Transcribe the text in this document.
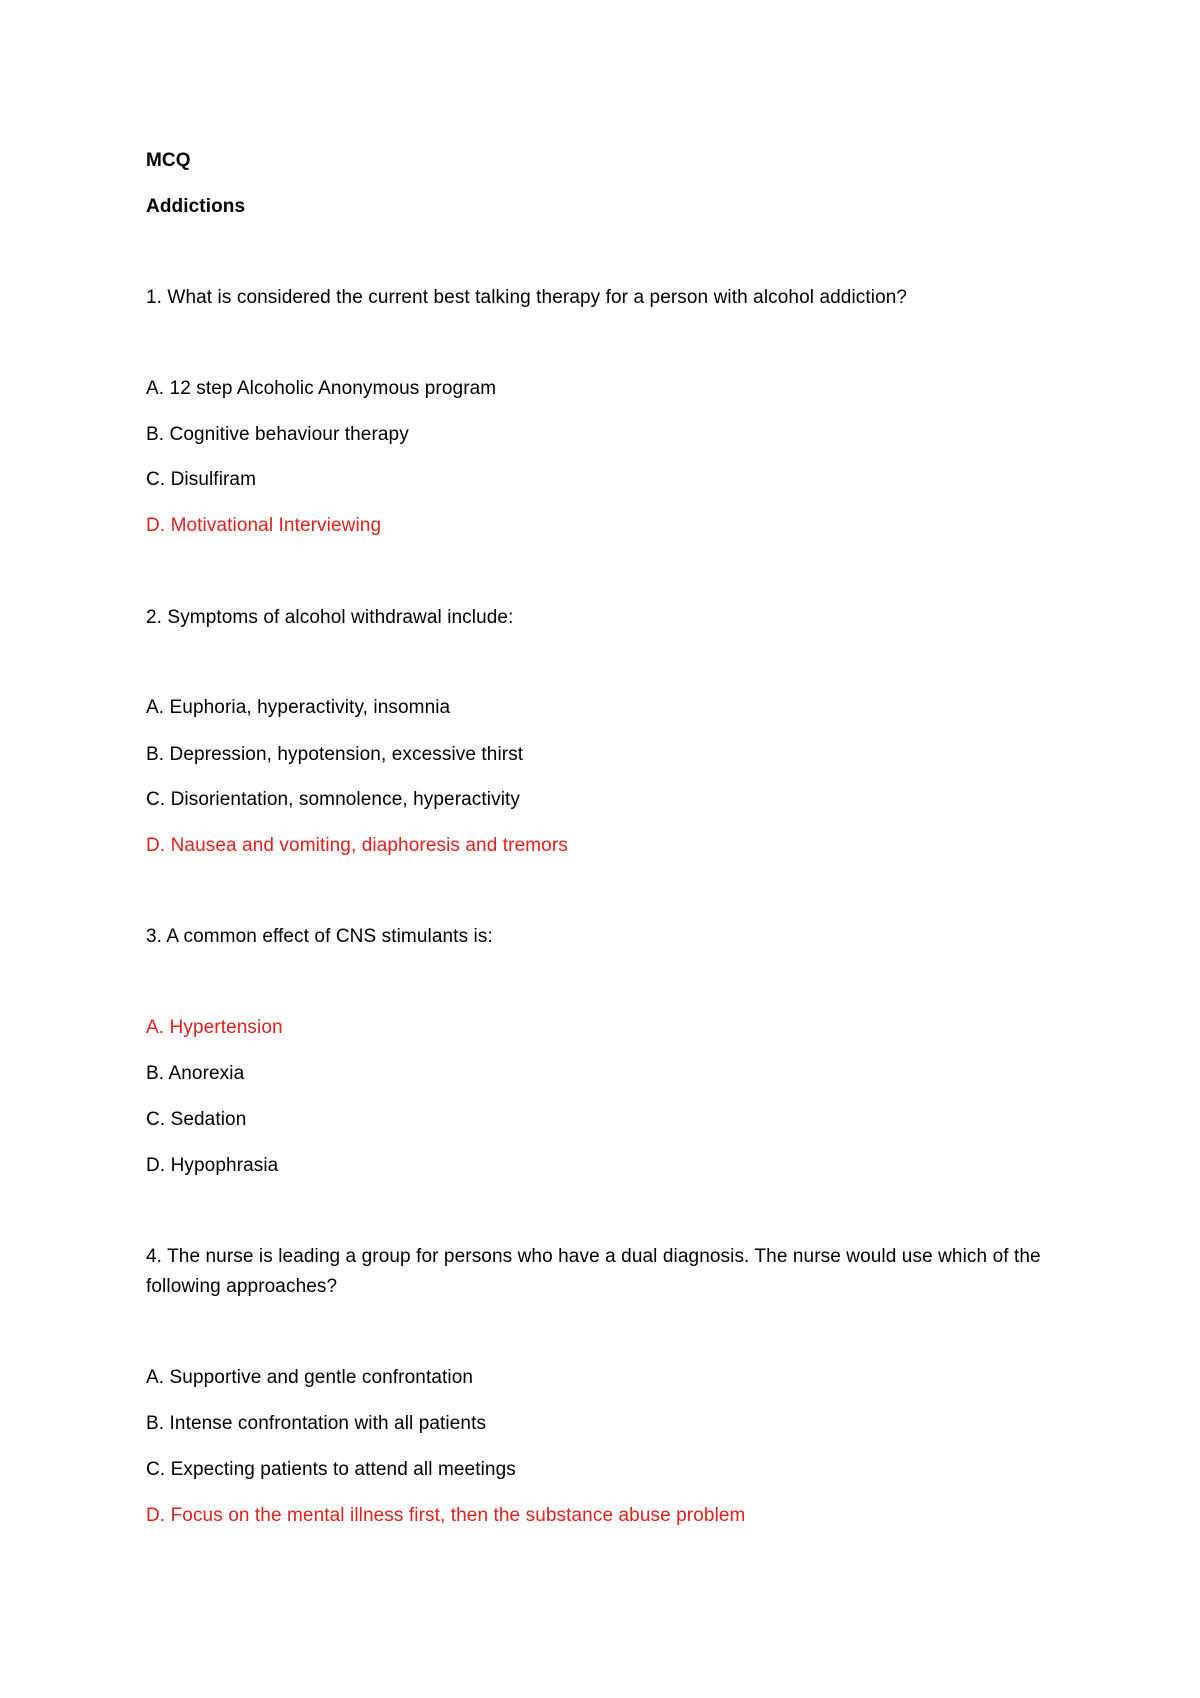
MCQ
Addictions
1. What is considered the current best talking therapy for a person with alcohol addiction?
A. 12 step Alcoholic Anonymous program
B. Cognitive behaviour therapy
C. Disulfiram
D. Motivational Interviewing
2. Symptoms of alcohol withdrawal include:
A. Euphoria, hyperactivity, insomnia
B. Depression, hypotension, excessive thirst
C. Disorientation, somnolence, hyperactivity
D. Nausea and vomiting, diaphoresis and tremors
3. A common effect of CNS stimulants is:
A. Hypertension
B. Anorexia
C. Sedation
D. Hypophrasia
4. The nurse is leading a group for persons who have a dual diagnosis. The nurse would use which of the following approaches?
A. Supportive and gentle confrontation
B. Intense confrontation with all patients
C. Expecting patients to attend all meetings
D. Focus on the mental illness first, then the substance abuse problem
